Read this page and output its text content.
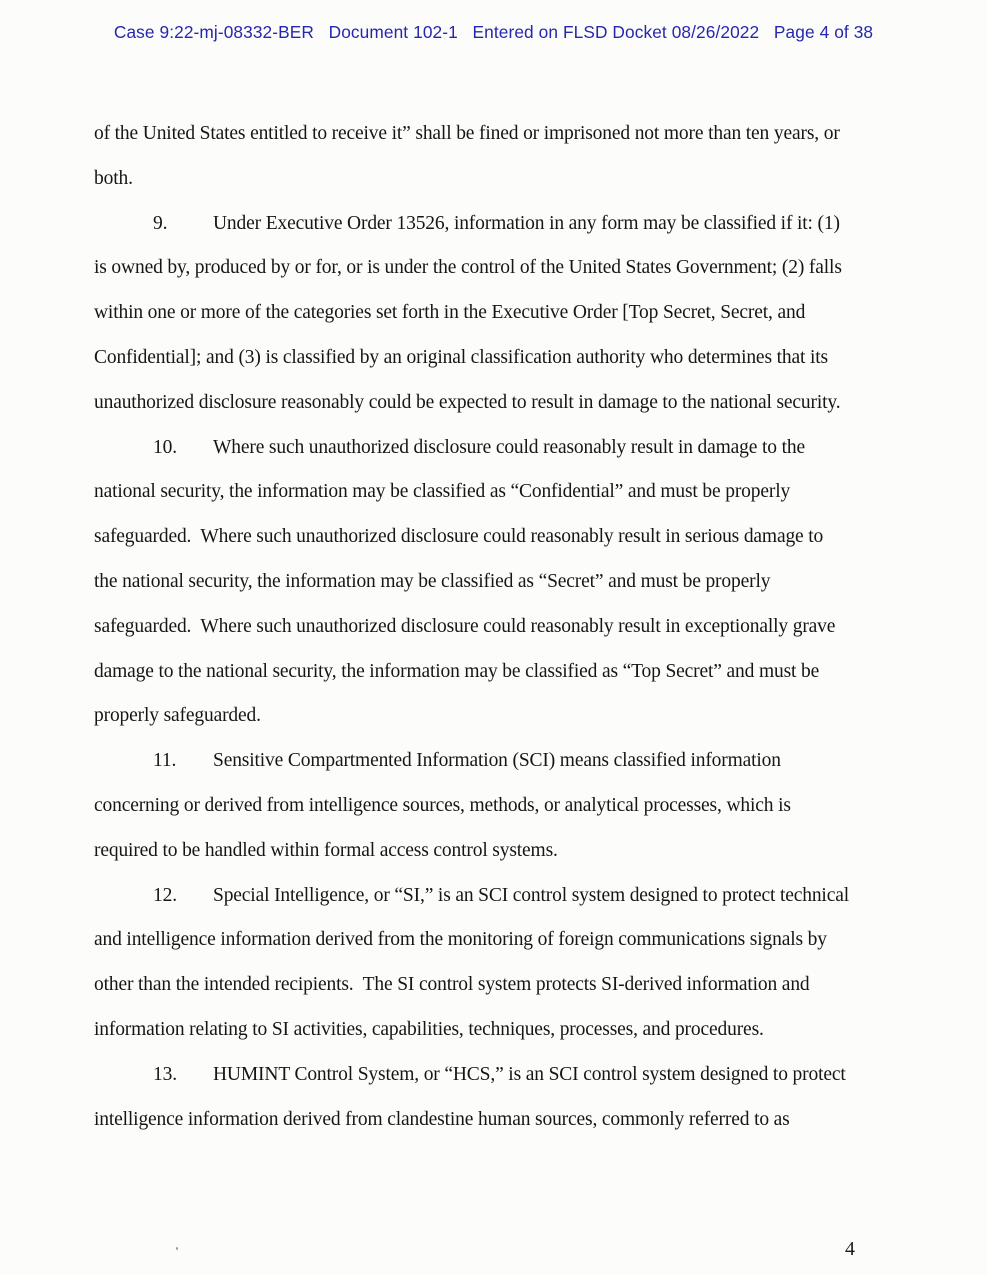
Case 9:22-mj-08332-BER   Document 102-1   Entered on FLSD Docket 08/26/2022   Page 4 of 38
of the United States entitled to receive it” shall be fined or imprisoned not more than ten years, or
both.
9. Under Executive Order 13526, information in any form may be classified if it: (1)
is owned by, produced by or for, or is under the control of the United States Government; (2) falls
within one or more of the categories set forth in the Executive Order [Top Secret, Secret, and
Confidential]; and (3) is classified by an original classification authority who determines that its
unauthorized disclosure reasonably could be expected to result in damage to the national security.
10. Where such unauthorized disclosure could reasonably result in damage to the
national security, the information may be classified as “Confidential” and must be properly
safeguarded.  Where such unauthorized disclosure could reasonably result in serious damage to
the national security, the information may be classified as “Secret” and must be properly
safeguarded.  Where such unauthorized disclosure could reasonably result in exceptionally grave
damage to the national security, the information may be classified as “Top Secret” and must be
properly safeguarded.
11. Sensitive Compartmented Information (SCI) means classified information
concerning or derived from intelligence sources, methods, or analytical processes, which is
required to be handled within formal access control systems.
12. Special Intelligence, or “SI,” is an SCI control system designed to protect technical
and intelligence information derived from the monitoring of foreign communications signals by
other than the intended recipients.  The SI control system protects SI-derived information and
information relating to SI activities, capabilities, techniques, processes, and procedures.
13. HUMINT Control System, or “HCS,” is an SCI control system designed to protect
intelligence information derived from clandestine human sources, commonly referred to as
4
